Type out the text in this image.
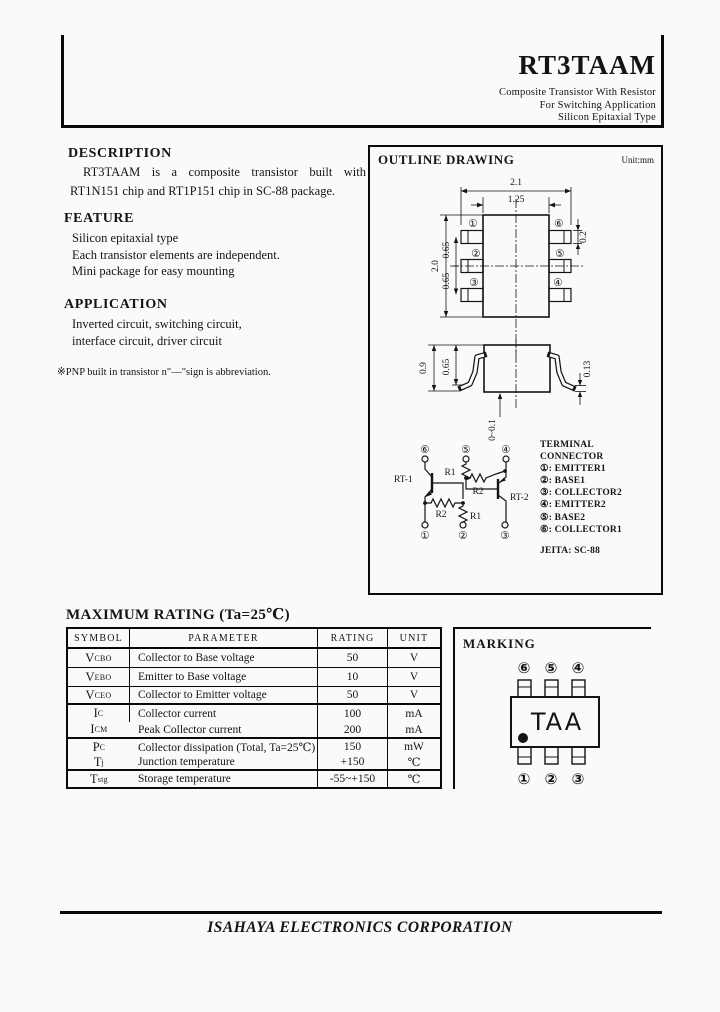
RT3TAAM
Composite Transistor With Resistor
For Switching Application
Silicon Epitaxial Type
DESCRIPTION
RT3TAAM is a composite transistor built with RT1N151 chip and RT1P151 chip in SC-88 package.
FEATURE
Silicon epitaxial type
Each transistor elements are independent.
Mini package for easy mounting
APPLICATION
Inverted circuit, switching circuit,
interface circuit, driver circuit
※PNP built in transistor n"—"sign is abbreviation.
OUTLINE DRAWING	Unit:mm
①
②
③
⑥
⑤
④
2.1
1.25
0.2
2.0
0.65
0.65
0.9 0.65
0~0.1
0.13
⑥	⑤	④
①	②	③
RT-1
RT-2
R1
R1
R2
R2
TERMINAL
CONNECTOR
①: EMITTER1
②: BASE1
③: COLLECTOR2
④: EMITTER2
⑤: BASE2
⑥: COLLECTOR1
JEITA: SC-88
MAXIMUM RATING (Ta=25℃)
SYMBOL	PARAMETER	RATING	UNIT
V CBO	Collector to Base voltage	50	V
V EBO	Emitter to Base voltage	10	V
V CEO	Collector to Emitter voltage	50	V
I C	Collector current	100	mA
I CM	Peak Collector current	200	mA
P C	Collector dissipation (Total, Ta=25℃)	150	mW
T j	Junction temperature	+150	℃
T stg	Storage temperature	-55~+150	℃
MARKING
⑥ ⑤ ④
TAA
① ② ③
ISAHAYA ELECTRONICS CORPORATION
